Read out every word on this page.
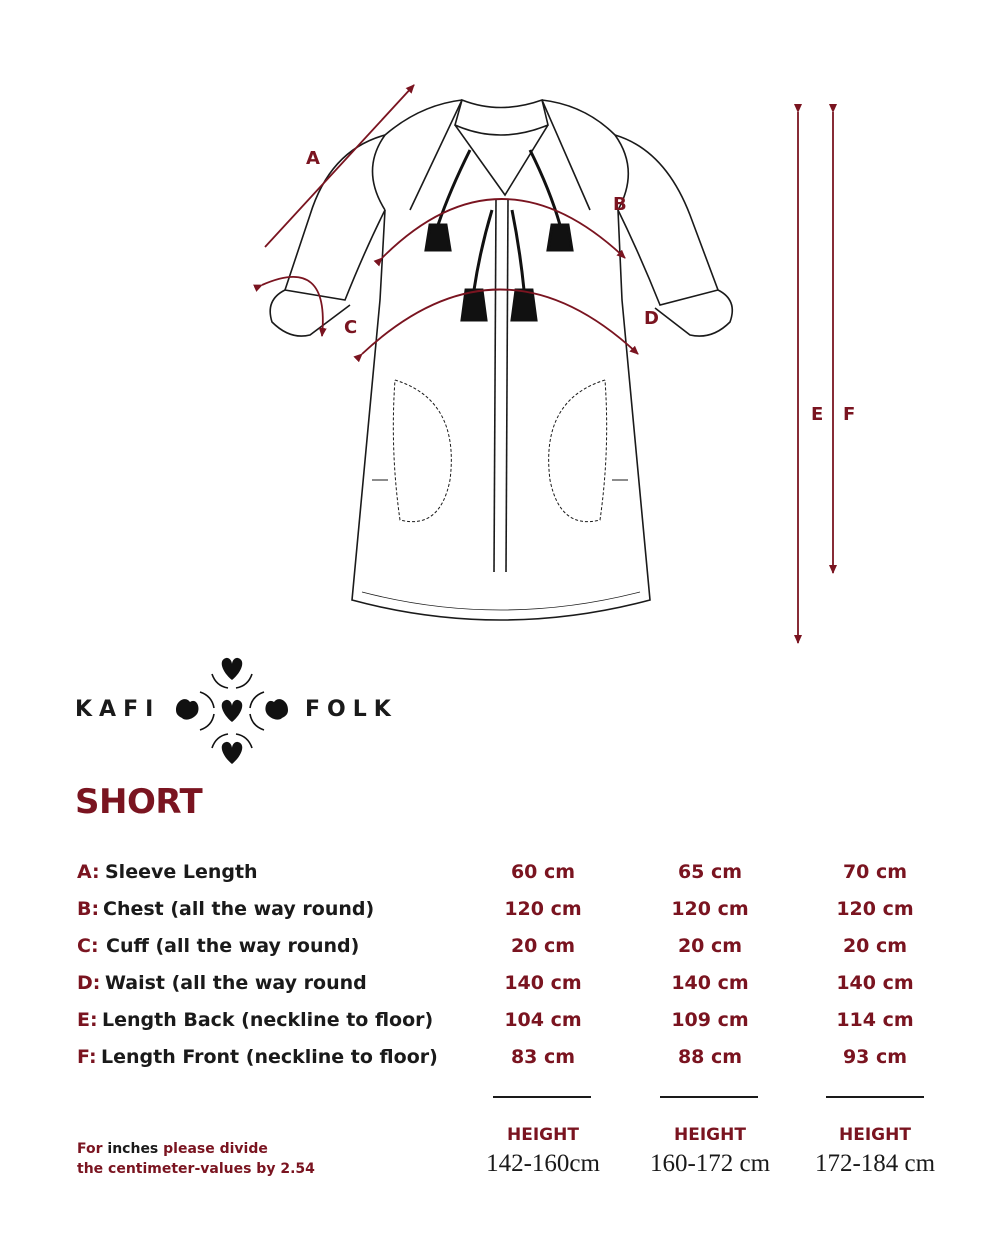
A
B
C	D
E F
KAFI	FOLK
SHORT
A: Sleeve Length	60 cm	65 cm	70 cm
B: Chest (all the way round)	120 cm	120 cm	120 cm
C: Cuff (all the way round)	20 cm	20 cm	20 cm
D: Waist (all the way round	140 cm	140 cm	140 cm
E: Length Back (neckline to floor)	104 cm	109 cm	114 cm
F: Length Front (neckline to floor)	83 cm	88 cm	93 cm
HEIGHT	HEIGHT	HEIGHT
142-160cm	160-172 cm	172-184 cm
For inches please divide
the centimeter-values by 2.54
